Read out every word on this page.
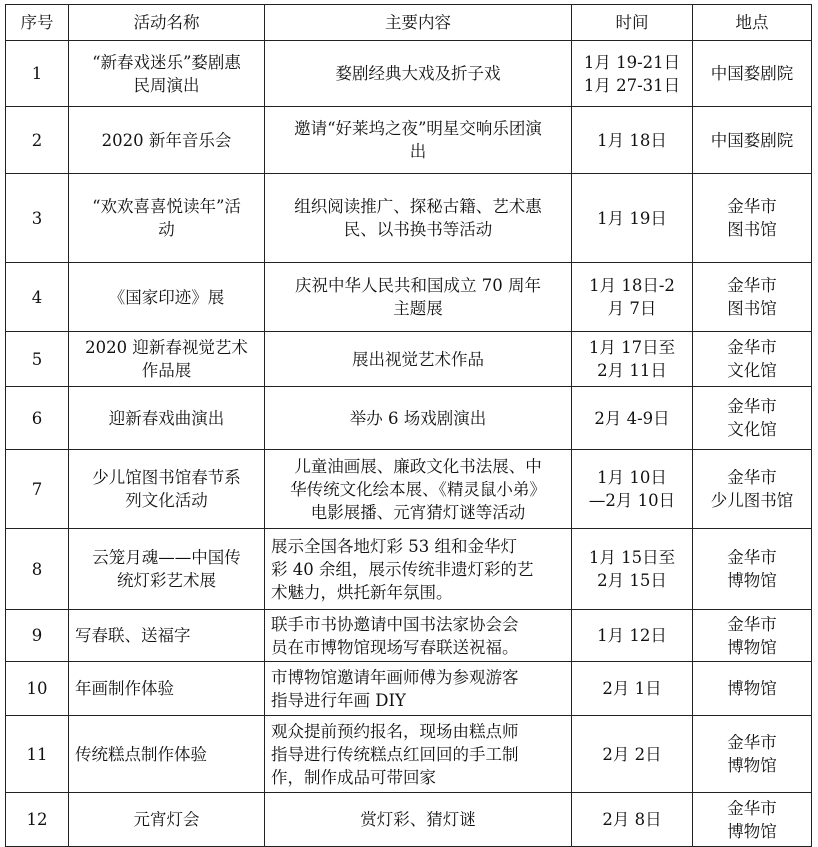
序号	活动名称	主要内容	时间	地点
1	“新春戏迷乐”婺剧惠
民周演出	婺剧经典大戏及折子戏	1月 19-21日
1月 27-31日	中国婺剧院

2	2020 新年音乐会	邀请“好莱坞之夜”明星交响乐团演
出	1月 18日	中国婺剧院

3	“欢欢喜喜悦读年”活
动	组织阅读推广、探秘古籍、艺术惠
民、以书换书等活动	1月 19日	金华市
图书馆

4	《国家印迹》展	庆祝中华人民共和国成立 70 周年
主题展	1月 18日-2
月 7日	金华市
图书馆

5	2020 迎新春视觉艺术
作品展	展出视觉艺术作品	1月 17日至
2月 11日	金华市
文化馆

6	迎新春戏曲演出	举办 6 场戏剧演出	2月 4-9日	金华市
文化馆

7	少儿馆图书馆春节系
列文化活动	儿童油画展、廉政文化书法展、中
华传统文化绘本展、《精灵鼠小弟》
电影展播、元宵猜灯谜等活动	1月 10日
—2月 10日	金华市
少儿图书馆

8	云笼月魂——中国传
统灯彩艺术展	展示全国各地灯彩 53 组和金华灯
彩 40 余组，展示传统非遗灯彩的艺
术魅力，烘托新年氛围。	1月 15日至
2月 15日	金华市
博物馆

9	写春联、送福字	联手市书协邀请中国书法家协会会
员在市博物馆现场写春联送祝福。	1月 12日	金华市
博物馆

10	年画制作体验	市博物馆邀请年画师傅为参观游客
指导进行年画 DIY	2月 1日	博物馆

11	传统糕点制作体验	观众提前预约报名，现场由糕点师
指导进行传统糕点红回回的手工制
作，制作成品可带回家	2月 2日	金华市
博物馆

12	元宵灯会	赏灯彩、猜灯谜	2月 8日	金华市
博物馆
